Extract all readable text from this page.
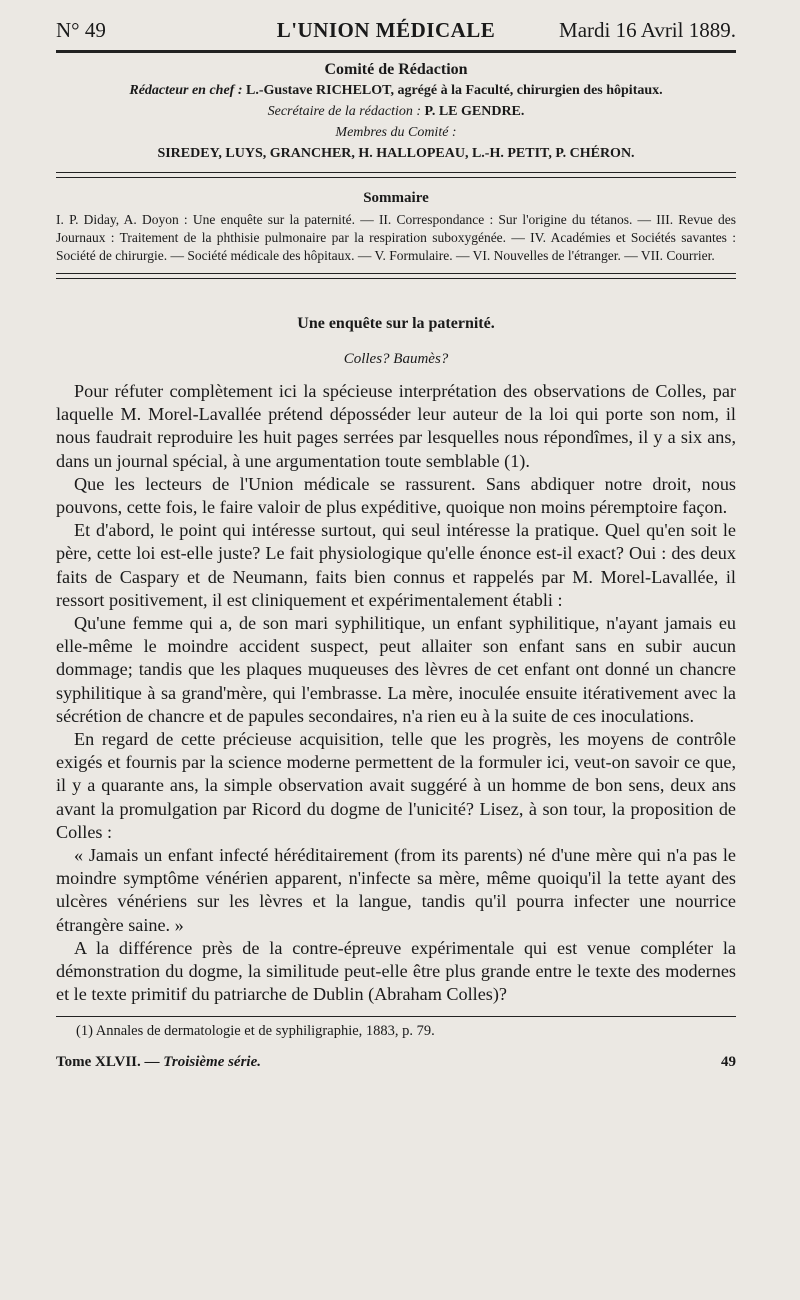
N° 49	L'UNION MÉDICALE	Mardi 16 Avril 1889.
Comité de Rédaction
Rédacteur en chef : L.-Gustave RICHELOT, agrégé à la Faculté, chirurgien des hôpitaux.
Secrétaire de la rédaction : P. LE GENDRE.
Membres du Comité :
SIREDEY, LUYS, GRANCHER, H. HALLOPEAU, L.-H. PETIT, P. CHÉRON.
Sommaire
I. P. Diday, A. Doyon : Une enquête sur la paternité. — II. Correspondance : Sur l'origine du tétanos. — III. Revue des Journaux : Traitement de la phthisie pulmonaire par la respiration suboxygénée. — IV. Académies et Sociétés savantes : Société de chirurgie. — Société médicale des hôpitaux. — V. Formulaire. — VI. Nouvelles de l'étranger. — VII. Courrier.
Une enquête sur la paternité.
Colles? Baumès?

Pour réfuter complètement ici la spécieuse interprétation des observations de Colles, par laquelle M. Morel-Lavallée prétend déposséder leur auteur de la loi qui porte son nom, il nous faudrait reproduire les huit pages serrées par lesquelles nous répondîmes, il y a six ans, dans un journal spécial, à une argumentation toute semblable (1).

Que les lecteurs de l'Union médicale se rassurent. Sans abdiquer notre droit, nous pouvons, cette fois, le faire valoir de plus expéditive, quoique non moins péremptoire façon.

Et d'abord, le point qui intéresse surtout, qui seul intéresse la pratique. Quel qu'en soit le père, cette loi est-elle juste? Le fait physiologique qu'elle énonce est-il exact? Oui : des deux faits de Caspary et de Neumann, faits bien connus et rappelés par M. Morel-Lavallée, il ressort positivement, il est cliniquement et expérimentalement établi :

Qu'une femme qui a, de son mari syphilitique, un enfant syphilitique, n'ayant jamais eu elle-même le moindre accident suspect, peut allaiter son enfant sans en subir aucun dommage; tandis que les plaques muqueuses des lèvres de cet enfant ont donné un chancre syphilitique à sa grand'mère, qui l'embrasse. La mère, inoculée ensuite itérativement avec la sécrétion de chancre et de papules secondaires, n'a rien eu à la suite de ces inoculations.

En regard de cette précieuse acquisition, telle que les progrès, les moyens de contrôle exigés et fournis par la science moderne permettent de la formuler ici, veut-on savoir ce que, il y a quarante ans, la simple observation avait suggéré à un homme de bon sens, deux ans avant la promulgation par Ricord du dogme de l'unicité? Lisez, à son tour, la proposition de Colles :

« Jamais un enfant infecté héréditairement (from its parents) né d'une mère qui n'a pas le moindre symptôme vénérien apparent, n'infecte sa mère, même quoiqu'il la tette ayant des ulcères vénériens sur les lèvres et la langue, tandis qu'il pourra infecter une nourrice étrangère saine. »

A la différence près de la contre-épreuve expérimentale qui est venue compléter la démonstration du dogme, la similitude peut-elle être plus grande entre le texte des modernes et le texte primitif du patriarche de Dublin (Abraham Colles)?

(1) Annales de dermatologie et de syphiligraphie, 1883, p. 79.
Tome XLVII. — Troisième série.	49
